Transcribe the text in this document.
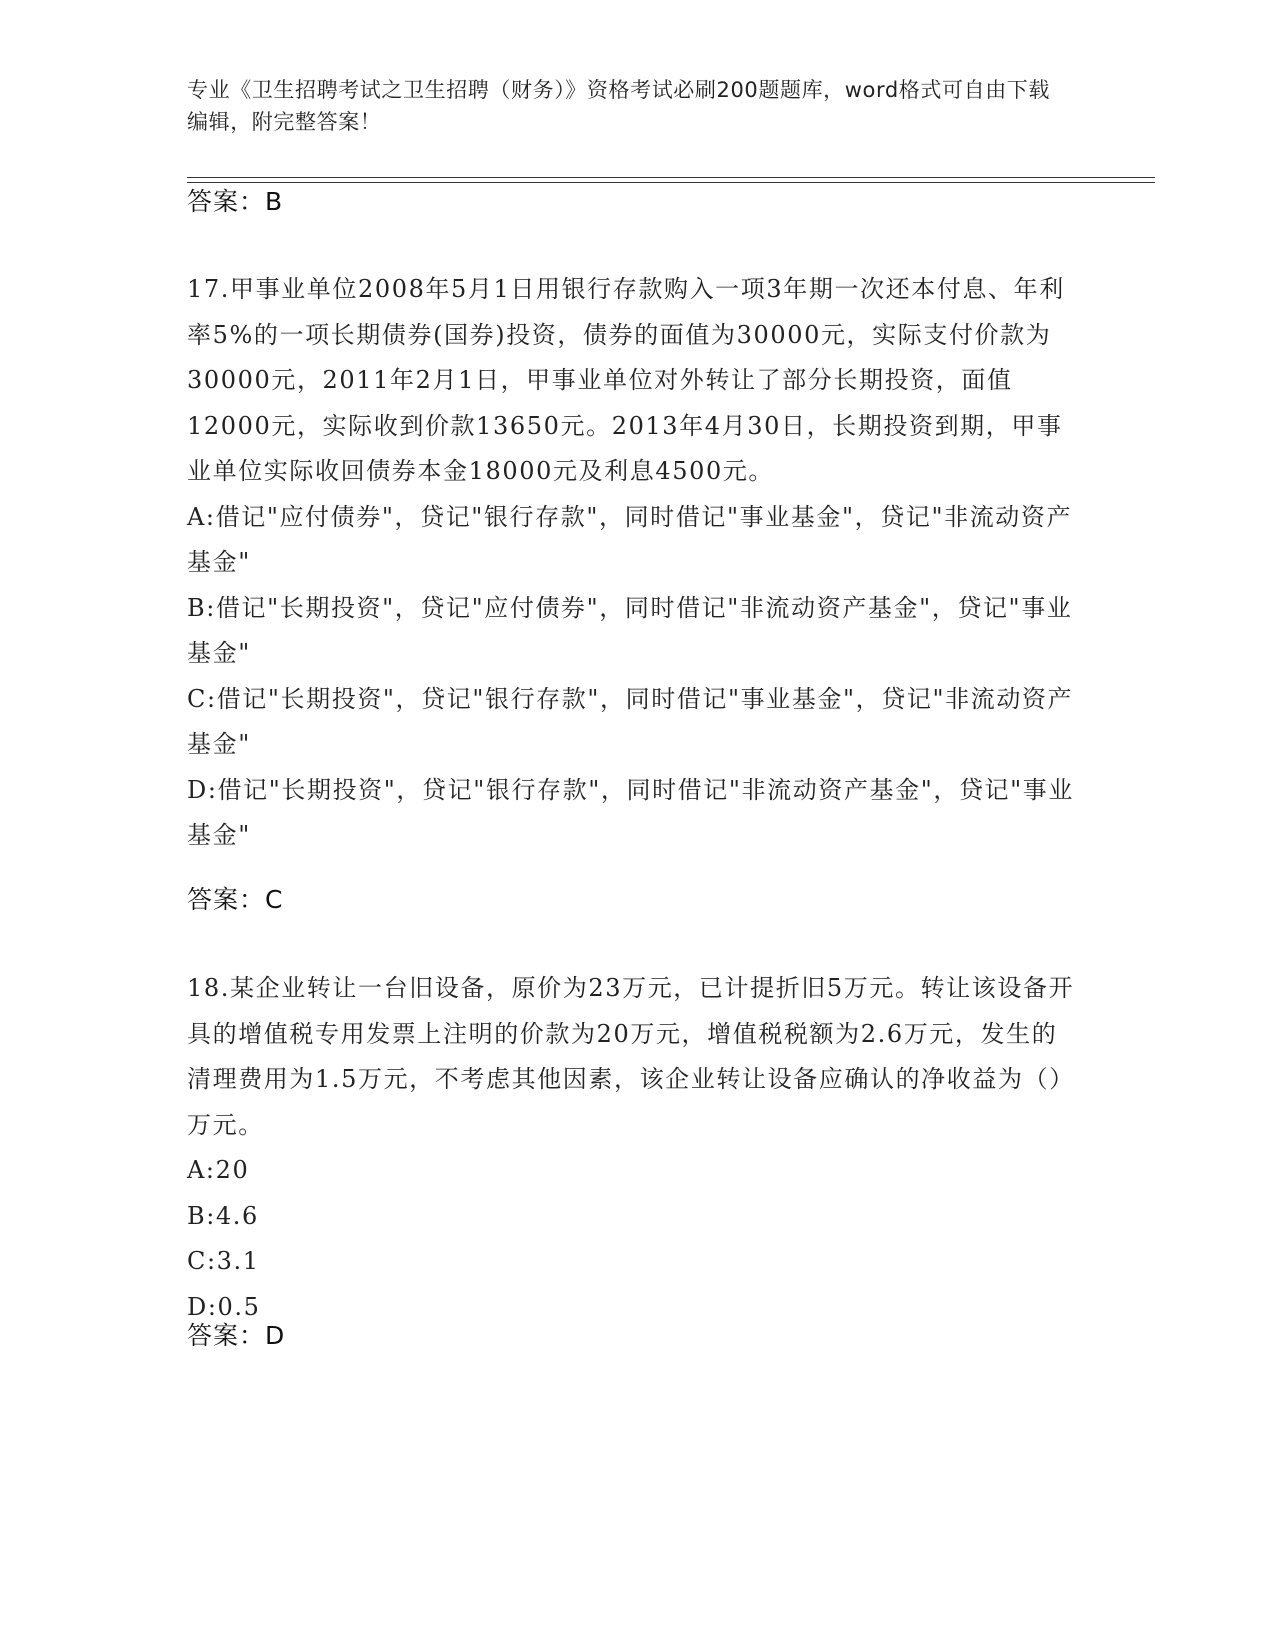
专业《卫生招聘考试之卫生招聘（财务）》资格考试必刷200题题库，word格式可自由下载编辑，附完整答案！
答案：B
17.甲事业单位2008年5月1日用银行存款购入一项3年期一次还本付息、年利率5%的一项长期债券(国券)投资，债券的面值为30000元，实际支付价款为30000元，2011年2月1日，甲事业单位对外转让了部分长期投资，面值12000元，实际收到价款13650元。2013年4月30日，长期投资到期，甲事业单位实际收回债券本金18000元及利息4500元。
A:借记"应付债券"，贷记"银行存款"，同时借记"事业基金"，贷记"非流动资产基金"
B:借记"长期投资"，贷记"应付债券"，同时借记"非流动资产基金"，贷记"事业基金"
C:借记"长期投资"，贷记"银行存款"，同时借记"事业基金"，贷记"非流动资产基金"
D:借记"长期投资"，贷记"银行存款"，同时借记"非流动资产基金"，贷记"事业基金"
答案：C
18.某企业转让一台旧设备，原价为23万元，已计提折旧5万元。转让该设备开具的增值税专用发票上注明的价款为20万元，增值税税额为2.6万元，发生的清理费用为1.5万元，不考虑其他因素，该企业转让设备应确认的净收益为（）万元。
A:20
B:4.6
C:3.1
D:0.5
答案：D
